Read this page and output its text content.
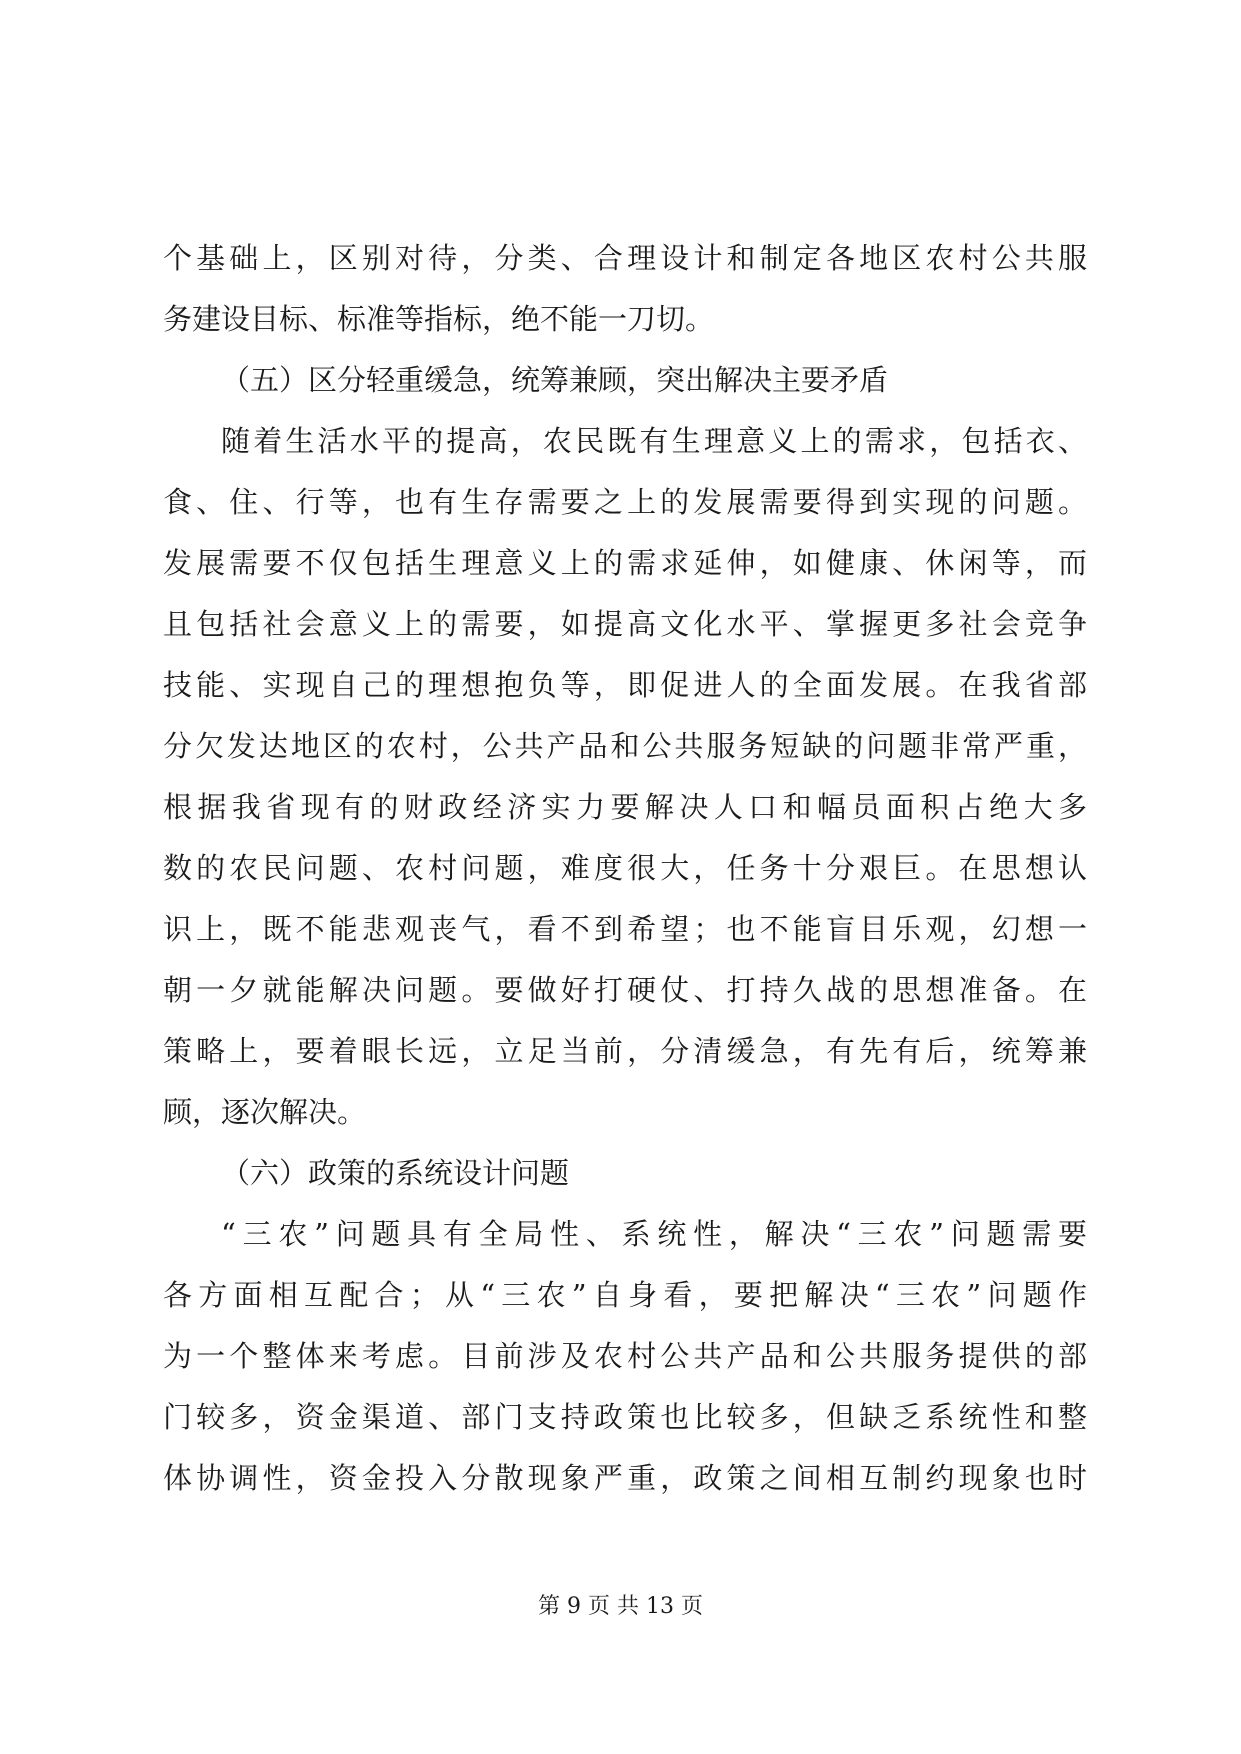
个基础上，区别对待，分类、合理设计和制定各地区农村公共服
务建设目标、标准等指标，绝不能一刀切。
（五）区分轻重缓急，统筹兼顾，突出解决主要矛盾
随着生活水平的提高，农民既有生理意义上的需求，包括衣、
食、住、行等，也有生存需要之上的发展需要得到实现的问题。
发展需要不仅包括生理意义上的需求延伸，如健康、休闲等，而
且包括社会意义上的需要，如提高文化水平、掌握更多社会竞争
技能、实现自己的理想抱负等，即促进人的全面发展。在我省部
分欠发达地区的农村，公共产品和公共服务短缺的问题非常严重，
根据我省现有的财政经济实力要解决人口和幅员面积占绝大多
数的农民问题、农村问题，难度很大，任务十分艰巨。在思想认
识上，既不能悲观丧气，看不到希望；也不能盲目乐观，幻想一
朝一夕就能解决问题。要做好打硬仗、打持久战的思想准备。在
策略上，要着眼长远，立足当前，分清缓急，有先有后，统筹兼
顾，逐次解决。
（六）政策的系统设计问题
“三农”问题具有全局性、系统性，解决“三农”问题需要
各方面相互配合；从“三农”自身看，要把解决“三农”问题作
为一个整体来考虑。目前涉及农村公共产品和公共服务提供的部
门较多，资金渠道、部门支持政策也比较多，但缺乏系统性和整
体协调性，资金投入分散现象严重，政策之间相互制约现象也时
第 9 页 共 13 页
